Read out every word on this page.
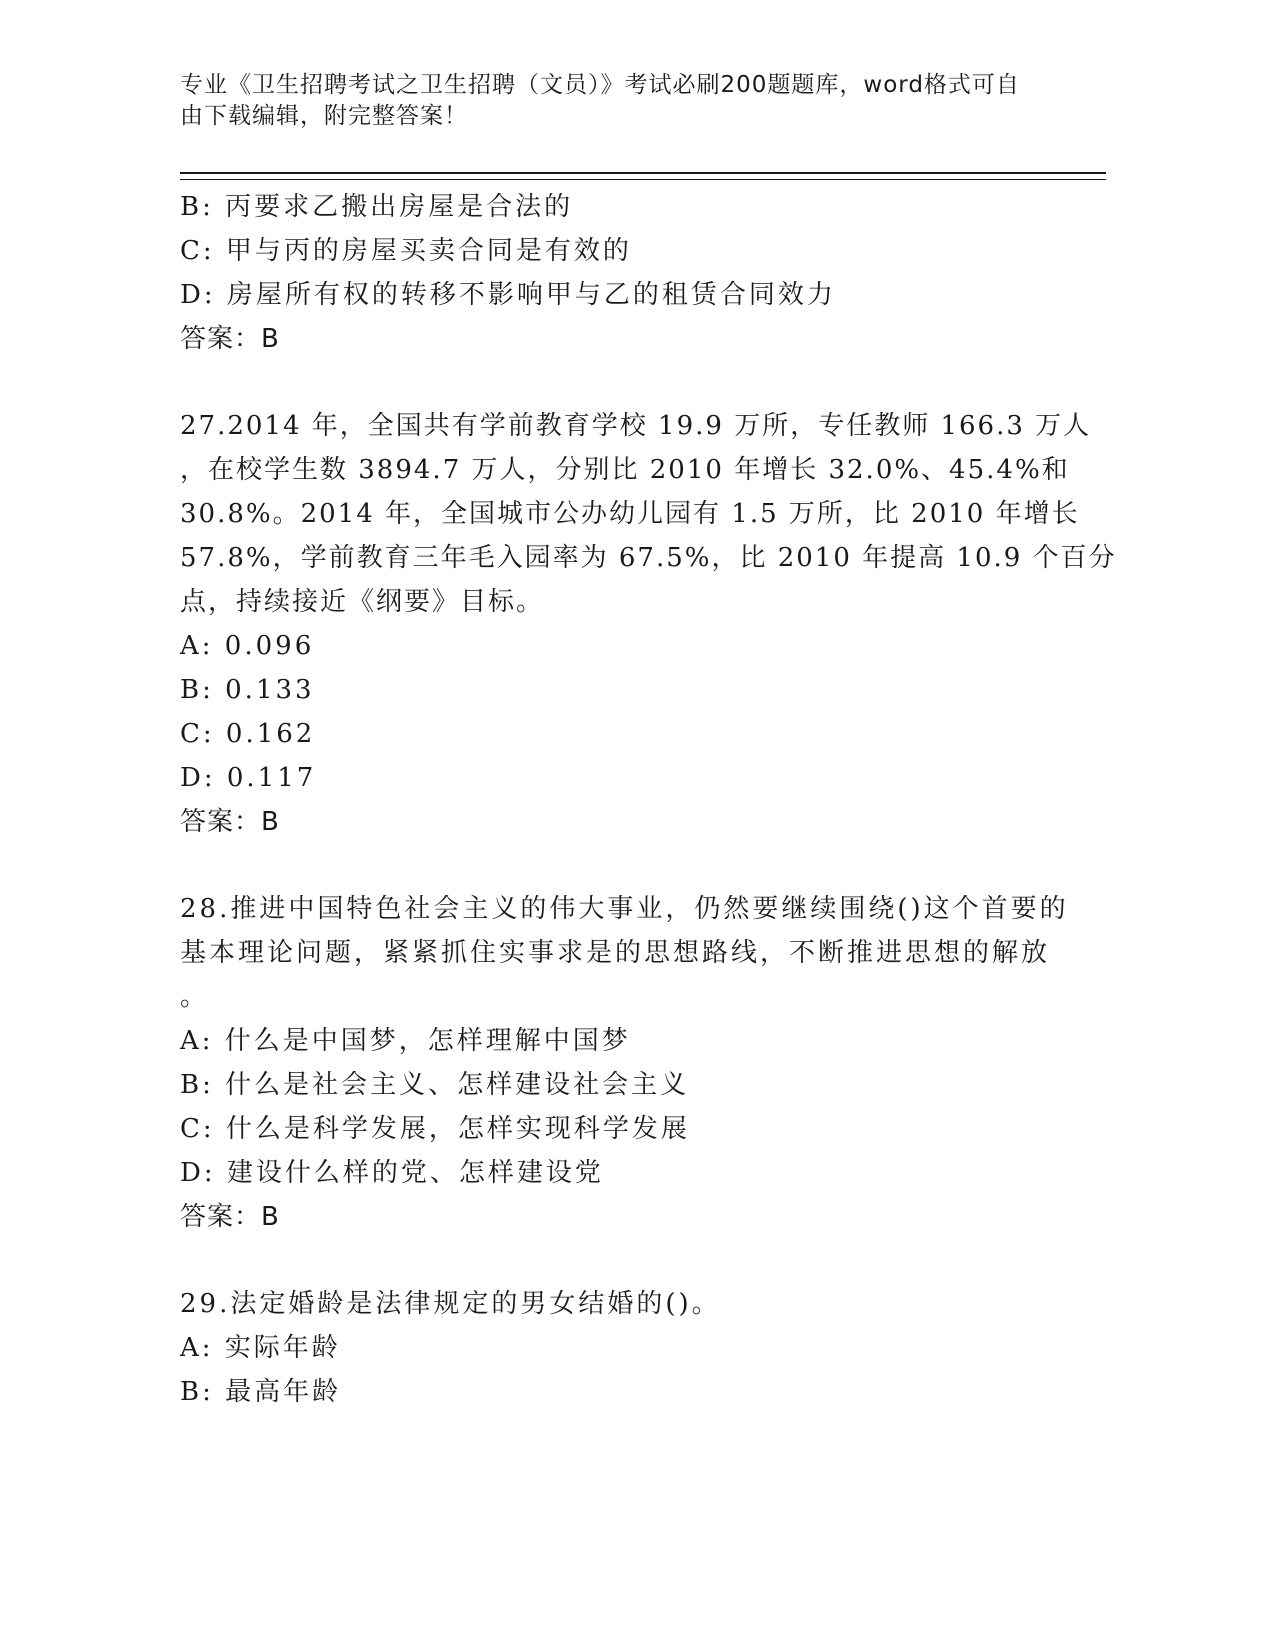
专业《卫生招聘考试之卫生招聘（文员）》考试必刷200题题库，word格式可自
由下载编辑，附完整答案！
B: 丙要求乙搬出房屋是合法的
C: 甲与丙的房屋买卖合同是有效的
D: 房屋所有权的转移不影响甲与乙的租赁合同效力
答案：B
27.2014 年，全国共有学前教育学校 19.9 万所，专任教师 166.3 万人
，在校学生数 3894.7 万人，分别比 2010 年增长 32.0%、45.4%和
30.8%。2014 年，全国城市公办幼儿园有 1.5 万所，比 2010 年增长
57.8%，学前教育三年毛入园率为 67.5%，比 2010 年提高 10.9 个百分
点，持续接近《纲要》目标。
A: 0.096
B: 0.133
C: 0.162
D: 0.117
答案：B
28.推进中国特色社会主义的伟大事业，仍然要继续围绕()这个首要的
基本理论问题，紧紧抓住实事求是的思想路线，不断推进思想的解放
。
A: 什么是中国梦，怎样理解中国梦
B: 什么是社会主义、怎样建设社会主义
C: 什么是科学发展，怎样实现科学发展
D: 建设什么样的党、怎样建设党
答案：B
29.法定婚龄是法律规定的男女结婚的()。
A: 实际年龄
B: 最高年龄
